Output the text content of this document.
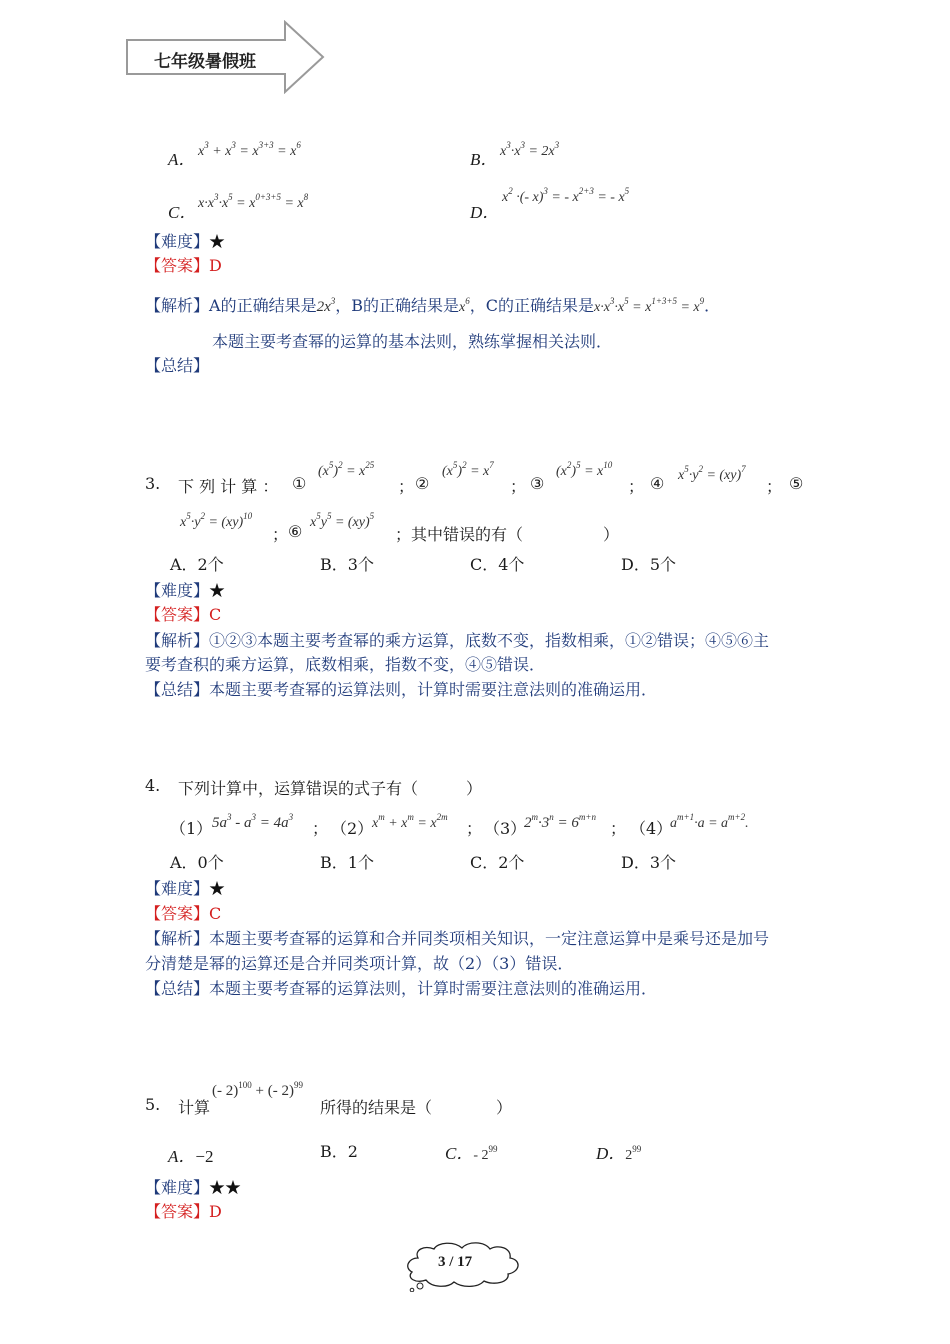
七年级暑假班
A． $x^3 + x^3 = x^{3+3} = x^6$
B． $x^3\cdot x^3 = 2x^3$
C． $x\cdot x^3\cdot x^5 = x^{0+3+5} = x^8$
D．
$x^2$ ·(- x)$^3$ = - $x^{2+3}$ = - $x^5$
【难度】★
【答案】D
【解析】A的正确结果是$2x^3$，B的正确结果是$x^6$，C的正确结果是$x\cdot x^3\cdot x^5 = x^{1+3+5} = x^9$．
本题主要考查幂的运算的基本法则，熟练掌握相关法则．
【总结】
3. 下 列 计 算 ： ①
$(x^5)^2 = x^{25}$
； ②
$(x^5)^2 = x^7$
； ③
$(x^2)^5 = x^{10}$
； ④ $x^5\cdot y^2 = (xy)^7$
； ⑤
$x^5\cdot y^2 = (xy)^{10}$
； ⑥ $x^5y^5 = (xy)^5$
；其中错误的有（　　　　　）
A．2个	B．3个	C．4个	D．5个
【难度】★
【答案】C
【解析】①②③本题主要考查幂的乘方运算，底数不变，指数相乘，①②错误；④⑤⑥主
要考查积的乘方运算，底数相乘，指数不变，④⑤错误．
【总结】本题主要考查幂的运算法则，计算时需要注意法则的准确运用．
4. 下列计算中，运算错误的式子有（　　　）
（1） $5a^3 - a^3 = 4a^3$
； （2）
$x^m + x^m = x^{2m}$
； （3）
$2^m\cdot 3^n = 6^{m+n}$
； （4）
$a^{m+1}\cdot a = a^{m+2}$.
A．0个	B．1个	C．2个	D．3个
【难度】★
【答案】C
【解析】本题主要考查幂的运算和合并同类项相关知识，一定注意运算中是乘号还是加号
分清楚是幂的运算还是合并同类项计算，故（2）（3）错误．
【总结】本题主要考查幂的运算法则，计算时需要注意法则的准确运用．
5. 计算
(- 2)$^{100}$ + (- 2)$^{99}$
所得的结果是（　　　　）
A．−2	B．2	C．- $2^{99}$	D．$2^{99}$
【难度】★★
【答案】D
3 / 17
